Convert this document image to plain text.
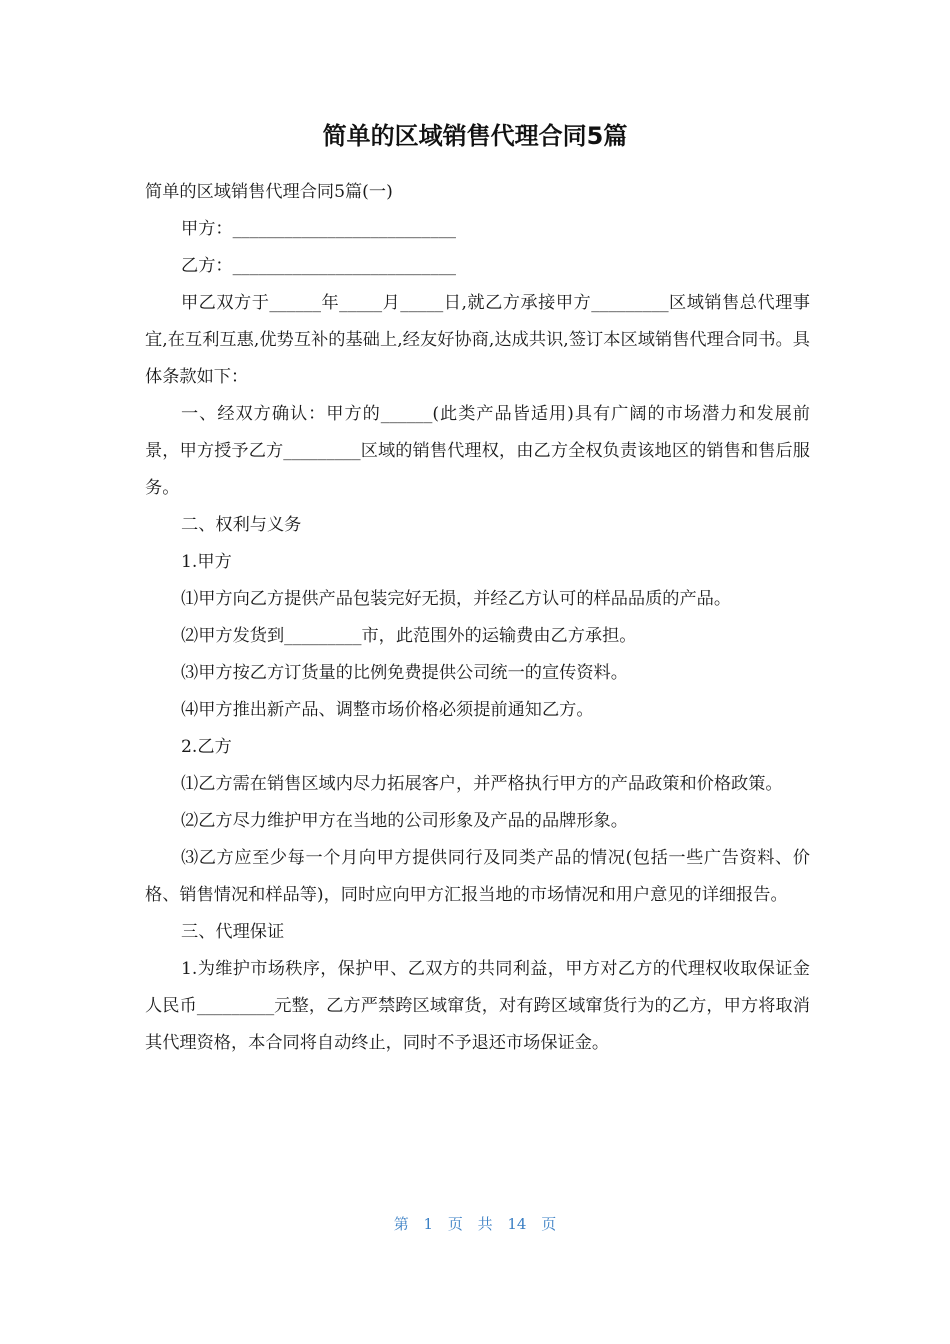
简单的区域销售代理合同5篇

简单的区域销售代理合同5篇(一)

甲方：__________________________

乙方：__________________________

甲乙双方于______年_____月_____日,就乙方承接甲方_________区域销售总代理事宜,在互利互惠,优势互补的基础上,经友好协商,达成共识,签订本区域销售代理合同书。具体条款如下：

一、经双方确认：甲方的______(此类产品皆适用)具有广阔的市场潜力和发展前景，甲方授予乙方_________区域的销售代理权，由乙方全权负责该地区的销售和售后服务。

二、权利与义务

1.甲方

⑴甲方向乙方提供产品包装完好无损，并经乙方认可的样品品质的产品。

⑵甲方发货到_________市，此范围外的运输费由乙方承担。

⑶甲方按乙方订货量的比例免费提供公司统一的宣传资料。

⑷甲方推出新产品、调整市场价格必须提前通知乙方。

2.乙方

⑴乙方需在销售区域内尽力拓展客户，并严格执行甲方的产品政策和价格政策。

⑵乙方尽力维护甲方在当地的公司形象及产品的品牌形象。

⑶乙方应至少每一个月向甲方提供同行及同类产品的情况(包括一些广告资料、价格、销售情况和样品等)，同时应向甲方汇报当地的市场情况和用户意见的详细报告。

三、代理保证

1.为维护市场秩序，保护甲、乙双方的共同利益，甲方对乙方的代理权收取保证金人民币_________元整，乙方严禁跨区域窜货，对有跨区域窜货行为的乙方，甲方将取消其代理资格，本合同将自动终止，同时不予退还市场保证金。

第 1 页 共 14 页
